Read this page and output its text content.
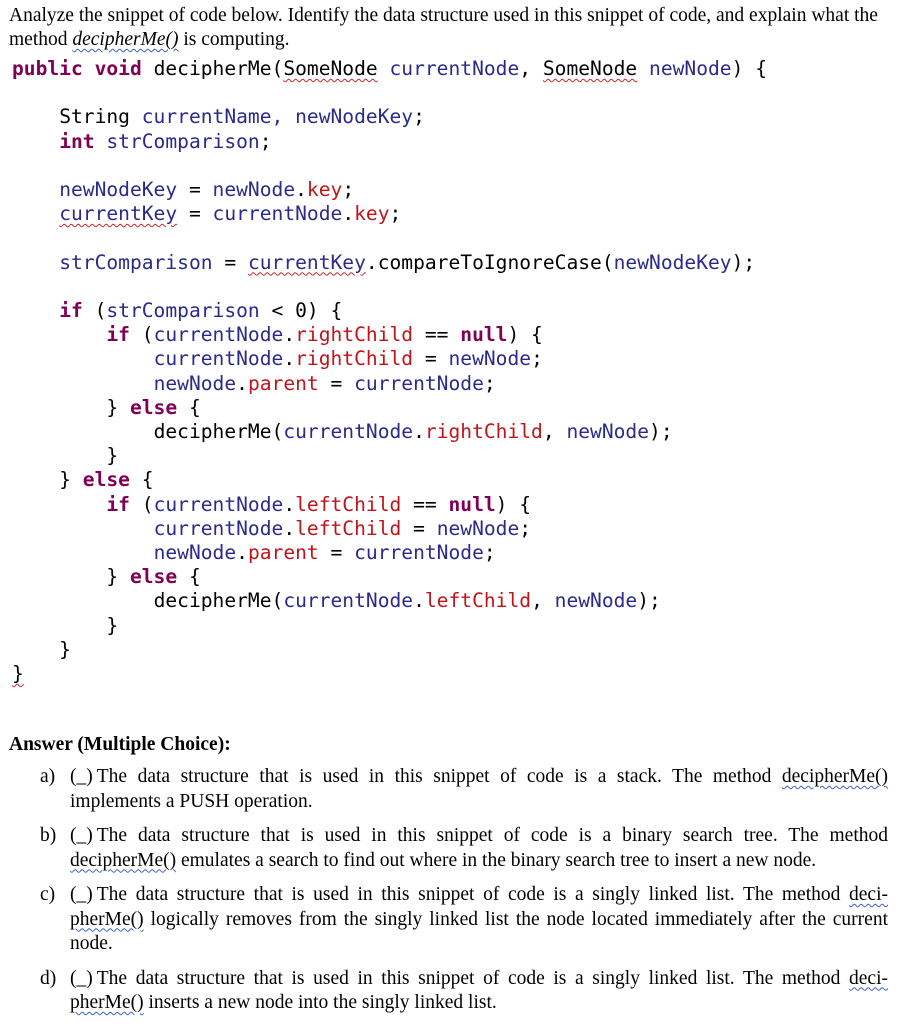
Analyze the snippet of code below. Identify the data structure used in this snippet of code, and explain what the method decipherMe() is computing.
public void decipherMe(SomeNode currentNode, SomeNode newNode) {

String currentName, newNodeKey;
int strComparison;

newNodeKey = newNode.key;
currentKey = currentNode.key;

strComparison = currentKey.compareToIgnoreCase(newNodeKey);

if (strComparison < 0) {
if (currentNode.rightChild == null) {
currentNode.rightChild = newNode;
newNode.parent = currentNode;
} else {
decipherMe(currentNode.rightChild, newNode);
}
} else {
if (currentNode.leftChild == null) {
currentNode.leftChild = newNode;
newNode.parent = currentNode;
} else {
decipherMe(currentNode.leftChild, newNode);
}
}
}
Answer (Multiple Choice):
a) (_) The data structure that is used in this snippet of code is a stack. The method decipherMe() implements a PUSH operation.
b) (_) The data structure that is used in this snippet of code is a binary search tree. The method decipherMe() emulates a search to find out where in the binary search tree to insert a new node.
c) (_) The data structure that is used in this snippet of code is a singly linked list. The method deci-pherMe() logically removes from the singly linked list the node located immediately after the current node.
d) (_) The data structure that is used in this snippet of code is a singly linked list. The method deci-pherMe() inserts a new node into the singly linked list.
